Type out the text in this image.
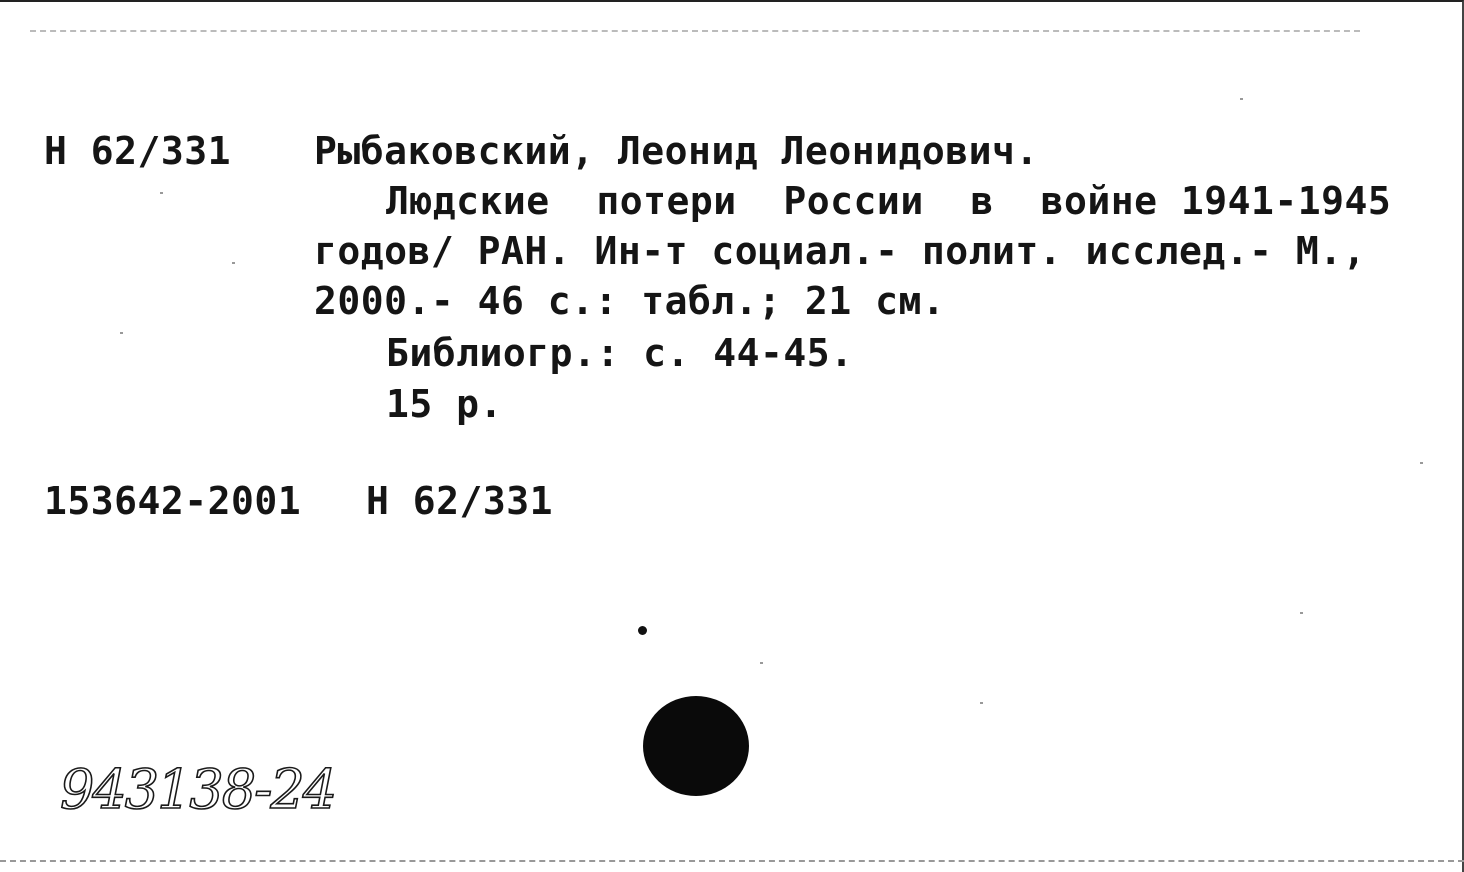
Н 62/331 Рыбаковский, Леонид Леонидович.
Людские  потери  России  в  войне 1941-1945
годов/ РАН. Ин-т социал.- полит. исслед.- М.,
2000.- 46 с.: табл.; 21 см.
Библиогр.: с. 44-45.
15 р.
153642-2001 Н 62/331
943138-24
